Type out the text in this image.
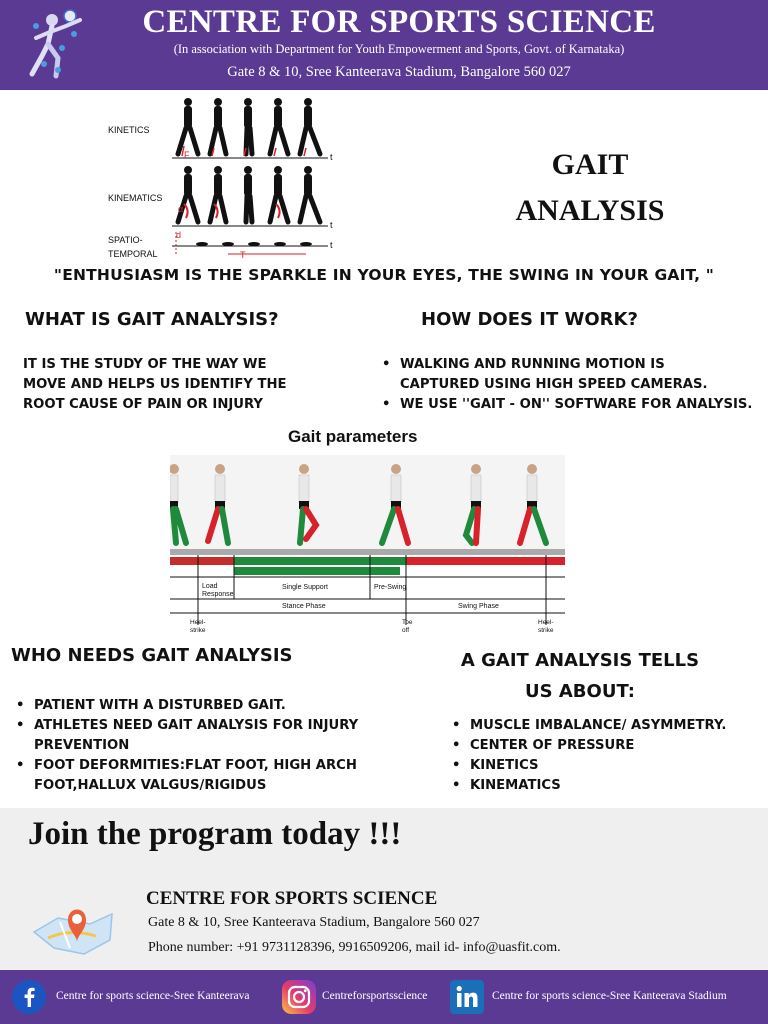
CENTRE FOR SPORTS SCIENCE
(In association with Department for Youth Empowerment and Sports, Govt. of Karnataka)
Gate 8 & 10, Sree Kanteerava Stadium, Bangalore 560 027
KINETICS
KINEMATICS
SPATIO-
TEMPORAL
t
t
t
F
α
d
T
GAIT
ANALYSIS
"ENTHUSIASM IS THE SPARKLE IN YOUR EYES, THE SWING IN YOUR GAIT, "
WHAT IS GAIT ANALYSIS?
IT IS THE STUDY OF THE WAY WE
MOVE AND HELPS US IDENTIFY THE
ROOT CAUSE OF PAIN OR INJURY
HOW DOES IT WORK?
• WALKING AND RUNNING MOTION IS
CAPTURED USING HIGH SPEED CAMERAS.
• WE USE ''GAIT - ON'' SOFTWARE FOR ANALYSIS.
Gait parameters
Load
Response
Single Support	Pre-Swing
Stance Phase	Swing Phase
Heel-
strike
Toe
off
Heel-
strike
WHO NEEDS GAIT ANALYSIS
• PATIENT WITH A DISTURBED GAIT.
• ATHLETES NEED GAIT ANALYSIS FOR INJURY
PREVENTION
• FOOT DEFORMITIES:FLAT FOOT, HIGH ARCH
FOOT,HALLUX VALGUS/RIGIDUS
A GAIT ANALYSIS TELLS
US ABOUT:
• MUSCLE IMBALANCE/ ASYMMETRY.
• CENTER OF PRESSURE
• KINETICS
• KINEMATICS
Join the program today !!!
CENTRE FOR SPORTS SCIENCE
Gate 8 & 10, Sree Kanteerava Stadium, Bangalore 560 027
Phone number: +91 9731128396, 9916509206, mail id- info@uasfit.com.
Centre for sports science-Sree Kanteerava	Centreforsportsscience	Centre for sports science-Sree Kanteerava Stadium
